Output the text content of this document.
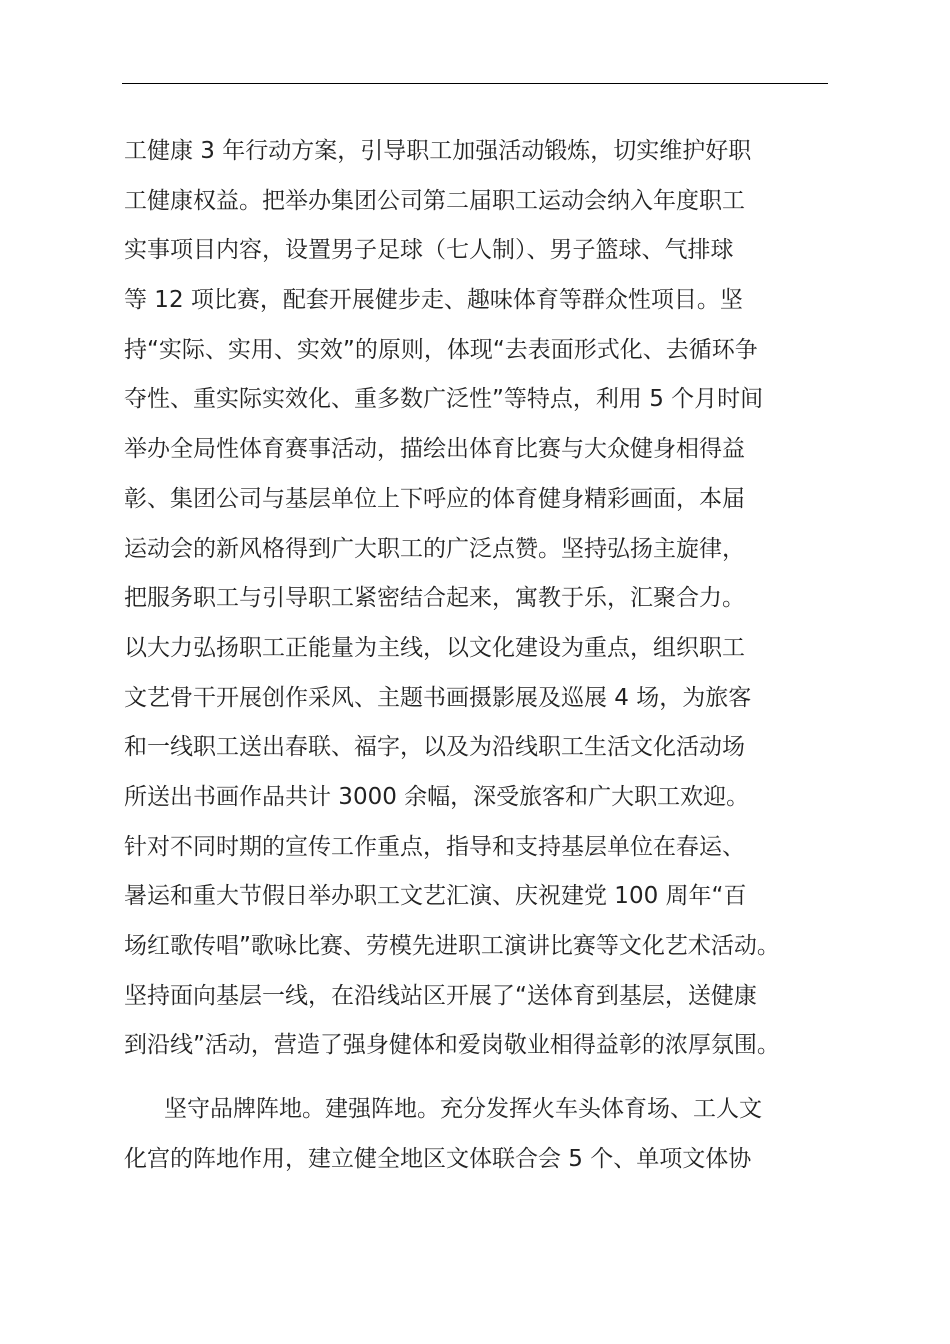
工健康 3 年行动方案，引导职工加强活动锻炼，切实维护好职
工健康权益。把举办集团公司第二届职工运动会纳入年度职工
实事项目内容，设置男子足球（七人制）、男子篮球、气排球
等 12 项比赛，配套开展健步走、趣味体育等群众性项目。坚
持“实际、实用、实效”的原则，体现“去表面形式化、去循环争
夺性、重实际实效化、重多数广泛性”等特点，利用 5 个月时间
举办全局性体育赛事活动，描绘出体育比赛与大众健身相得益
彰、集团公司与基层单位上下呼应的体育健身精彩画面，本届
运动会的新风格得到广大职工的广泛点赞。坚持弘扬主旋律，
把服务职工与引导职工紧密结合起来，寓教于乐，汇聚合力。
以大力弘扬职工正能量为主线，以文化建设为重点，组织职工
文艺骨干开展创作采风、主题书画摄影展及巡展 4 场，为旅客
和一线职工送出春联、福字，以及为沿线职工生活文化活动场
所送出书画作品共计 3000 余幅，深受旅客和广大职工欢迎。
针对不同时期的宣传工作重点，指导和支持基层单位在春运、
暑运和重大节假日举办职工文艺汇演、庆祝建党 100 周年“百
场红歌传唱”歌咏比赛、劳模先进职工演讲比赛等文化艺术活动。
坚持面向基层一线，在沿线站区开展了“送体育到基层，送健康
到沿线”活动，营造了强身健体和爱岗敬业相得益彰的浓厚氛围。
坚守品牌阵地。建强阵地。充分发挥火车头体育场、工人文
化宫的阵地作用，建立健全地区文体联合会 5 个、单项文体协
